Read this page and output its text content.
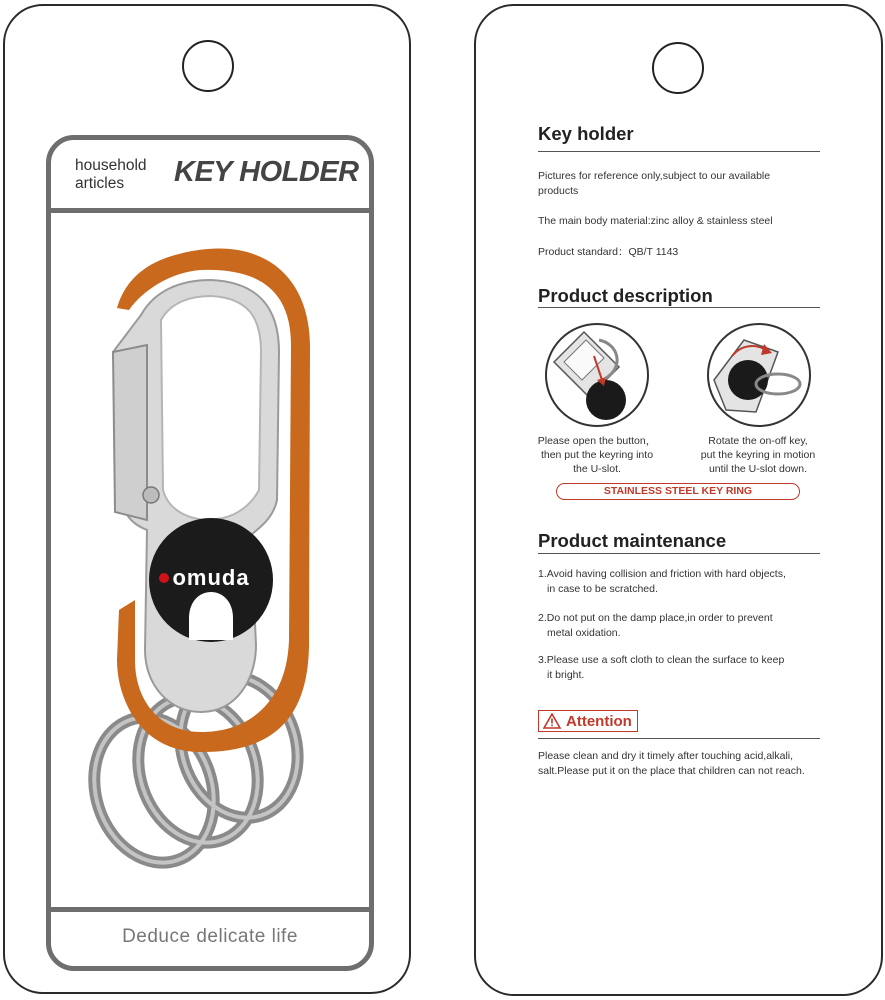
household
articles	KEY HOLDER
omuda
Deduce delicate life
Key holder
Pictures for reference only,subject to our available
products
The main body material:zinc alloy & stainless steel
Product standard：QB/T 1143
Product description
Please open the button，
then put the keyring into
the U-slot.
Rotate the on-off key,
put the keyring in motion
until the U-slot down.
STAINLESS STEEL KEY RING
Product maintenance
1.Avoid having collision and friction with hard objects,
in case to be scratched.
2.Do not put on the damp place,in order to prevent
metal oxidation.
3.Please use a soft cloth to clean the surface to keep
it bright.
Attention
Please clean and dry it timely after touching acid,alkali,
salt.Please put it on the place that children can not reach.
